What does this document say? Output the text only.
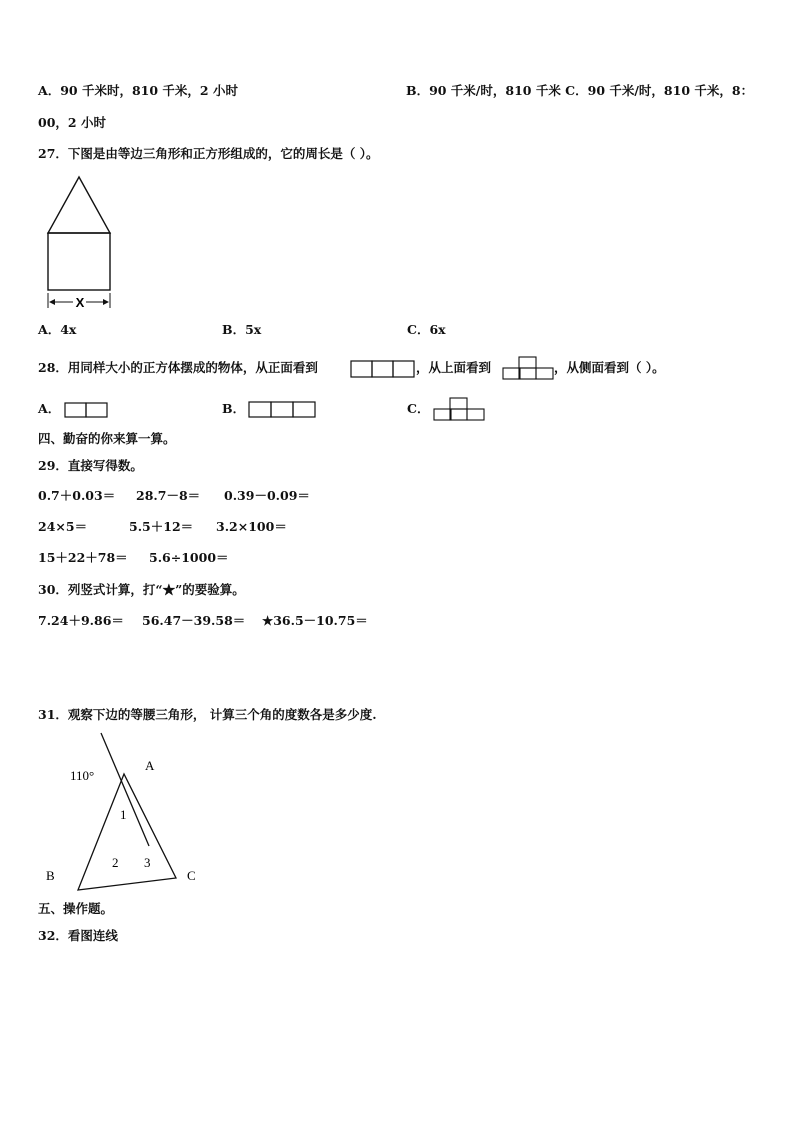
A．90 千米时，810 千米，2 小时	B．90 千米/时，810 千米 C．90 千米/时，810 千米，8：
00，2 小时
27．下图是由等边三角形和正方形组成的，它的周长是（ ）。
X
A．4x	B．5x	C．6x
28．用同样大小的正方体摆成的物体，从正面看到	，从上面看到	，从侧面看到（ ）。
A．	B．	C．
四、勤奋的你来算一算。
29．直接写得数。
0.7＋0.03＝ 28.7－8＝ 0.39－0.09＝
24×5＝	5.5＋12＝ 3.2×100＝
15＋22＋78＝ 5.6÷1000＝
30．列竖式计算，打“★”的要验算。
7.24＋9.86＝ 56.47－39.58＝ ★36.5－10.75＝
31．观察下边的等腰三角形， 计算三个角的度数各是多少度.
110°
A
B	C
1
2 3
五、操作题。
32．看图连线
